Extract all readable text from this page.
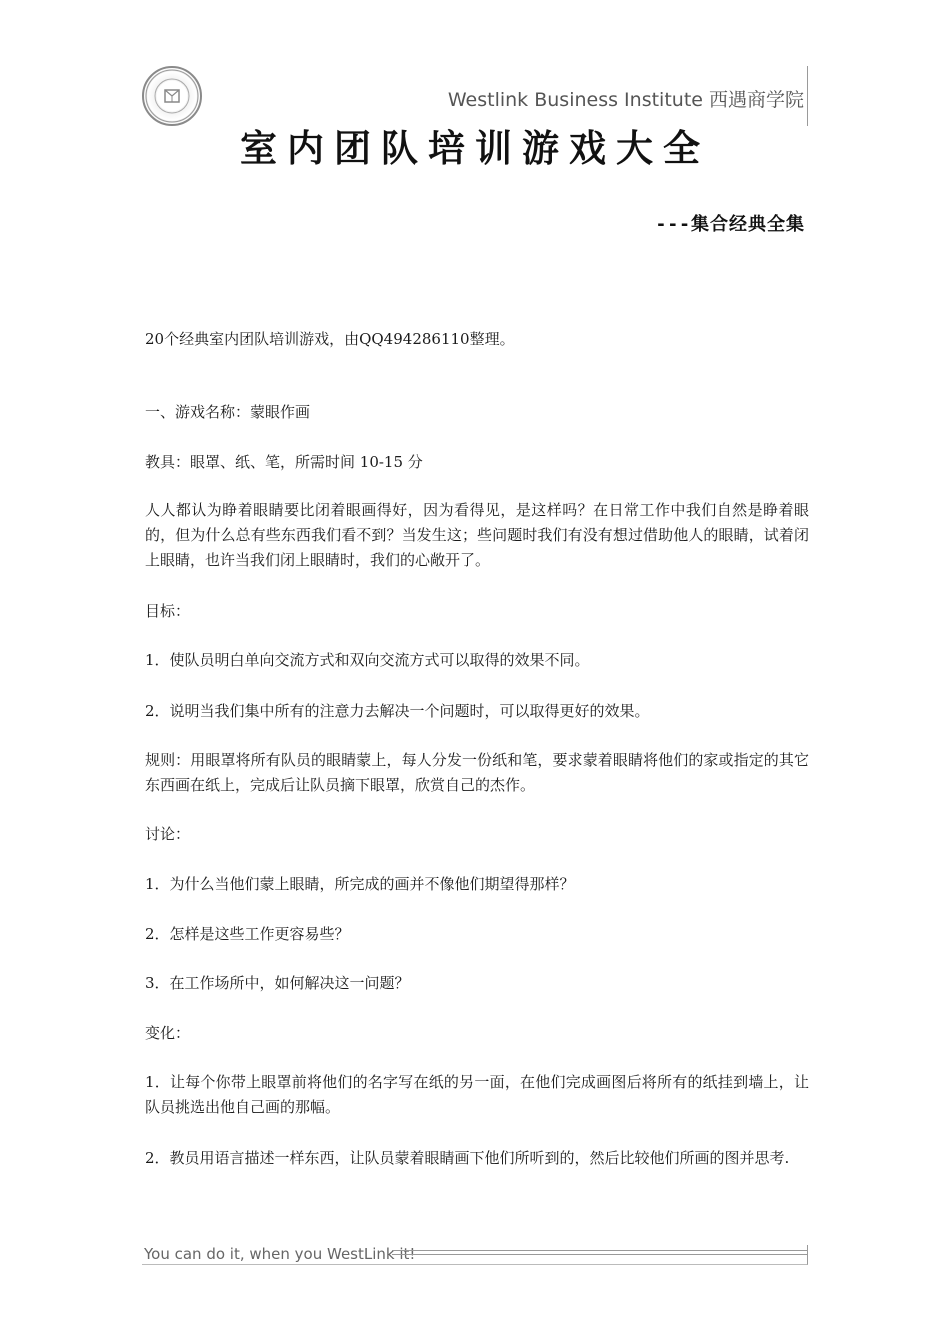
Westlink Business Institute 西遇商学院
室内团队培训游戏大全
---集合经典全集

20个经典室内团队培训游戏，由QQ494286110整理。

一、游戏名称：蒙眼作画

教具：眼罩、纸、笔，所需时间 10-15 分

人人都认为睁着眼睛要比闭着眼画得好，因为看得见，是这样吗？在日常工作中我们自然是睁着眼的，但为什么总有些东西我们看不到？当发生这；些问题时我们有没有想过借助他人的眼睛，试着闭上眼睛，也许当我们闭上眼睛时，我们的心敞开了。

目标：

1．使队员明白单向交流方式和双向交流方式可以取得的效果不同。

2．说明当我们集中所有的注意力去解决一个问题时，可以取得更好的效果。

规则：用眼罩将所有队员的眼睛蒙上，每人分发一份纸和笔，要求蒙着眼睛将他们的家或指定的其它东西画在纸上，完成后让队员摘下眼罩，欣赏自己的杰作。

讨论：

1．为什么当他们蒙上眼睛，所完成的画并不像他们期望得那样？

2．怎样是这些工作更容易些？

3．在工作场所中，如何解决这一问题？

变化：

1．让每个你带上眼罩前将他们的名字写在纸的另一面，在他们完成画图后将所有的纸挂到墙上，让队员挑选出他自己画的那幅。

2．教员用语言描述一样东西，让队员蒙着眼睛画下他们所听到的，然后比较他们所画的图并思考.

You can do it, when you WestLink it!
